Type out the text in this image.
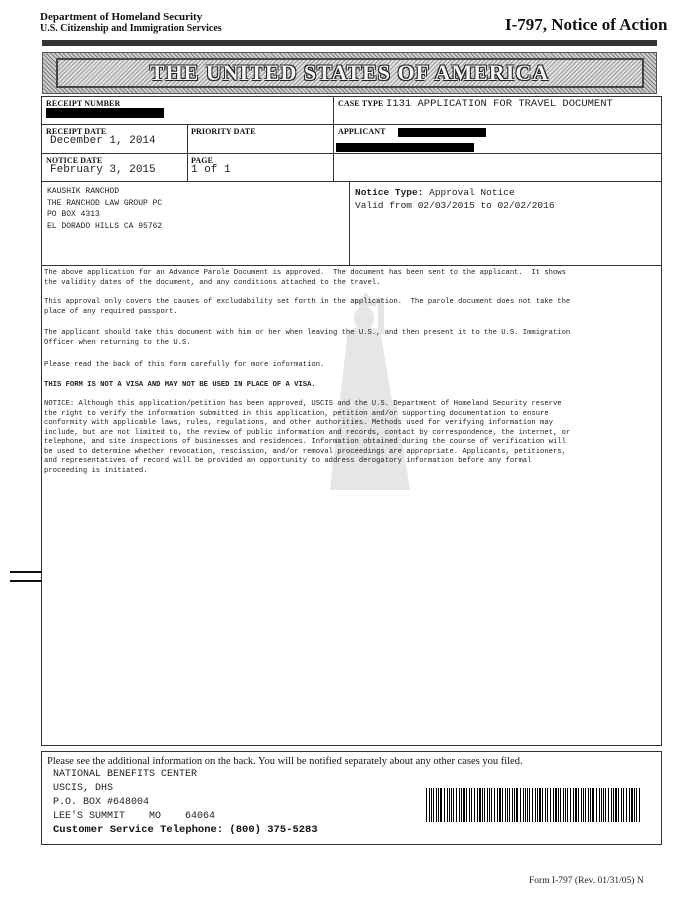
Department of Homeland Security
U.S. Citizenship and Immigration Services	I-797, Notice of Action
THE UNITED STATES OF AMERICA
RECEIPT NUMBER	CASE TYPE I131 APPLICATION FOR TRAVEL DOCUMENT
RECEIPT DATE
December 1, 2014
PRIORITY DATE	APPLICANT
NOTICE DATE
February 3, 2015
PAGE
1 of 1
KAUSHIK RANCHOD
THE RANCHOD LAW GROUP PC
PO BOX 4313
EL DORADO HILLS CA 95762
Notice Type: Approval Notice
Valid from 02/03/2015 to 02/02/2016
The above application for an Advance Parole Document is approved.  The document has been sent to the applicant.  It shows
the validity dates of the document, and any conditions attached to the travel.
This approval only covers the causes of excludability set forth in the application.  The parole document does not take the
place of any required passport.
The applicant should take this document with him or her when leaving the U.S., and then present it to the U.S. Immigration
Officer when returning to the U.S.
Please read the back of this form carefully for more information.
THIS FORM IS NOT A VISA AND MAY NOT BE USED IN PLACE OF A VISA.
NOTICE: Although this application/petition has been approved, USCIS and the U.S. Department of Homeland Security reserve
the right to verify the information submitted in this application, petition and/or supporting documentation to ensure
conformity with applicable laws, rules, regulations, and other authorities. Methods used for verifying information may
include, but are not limited to, the review of public information and records, contact by correspondence, the internet, or
telephone, and site inspections of businesses and residences. Information obtained during the course of verification will
be used to determine whether revocation, rescission, and/or removal proceedings are appropriate. Applicants, petitioners,
and representatives of record will be provided an opportunity to address derogatory information before any formal
proceeding is initiated.
Please see the additional information on the back. You will be notified separately about any other cases you filed.
NATIONAL BENEFITS CENTER
USCIS, DHS
P.O. BOX #648004
LEE'S SUMMIT    MO    64064
Customer Service Telephone: (800) 375-5283
Form I-797 (Rev. 01/31/05) N
